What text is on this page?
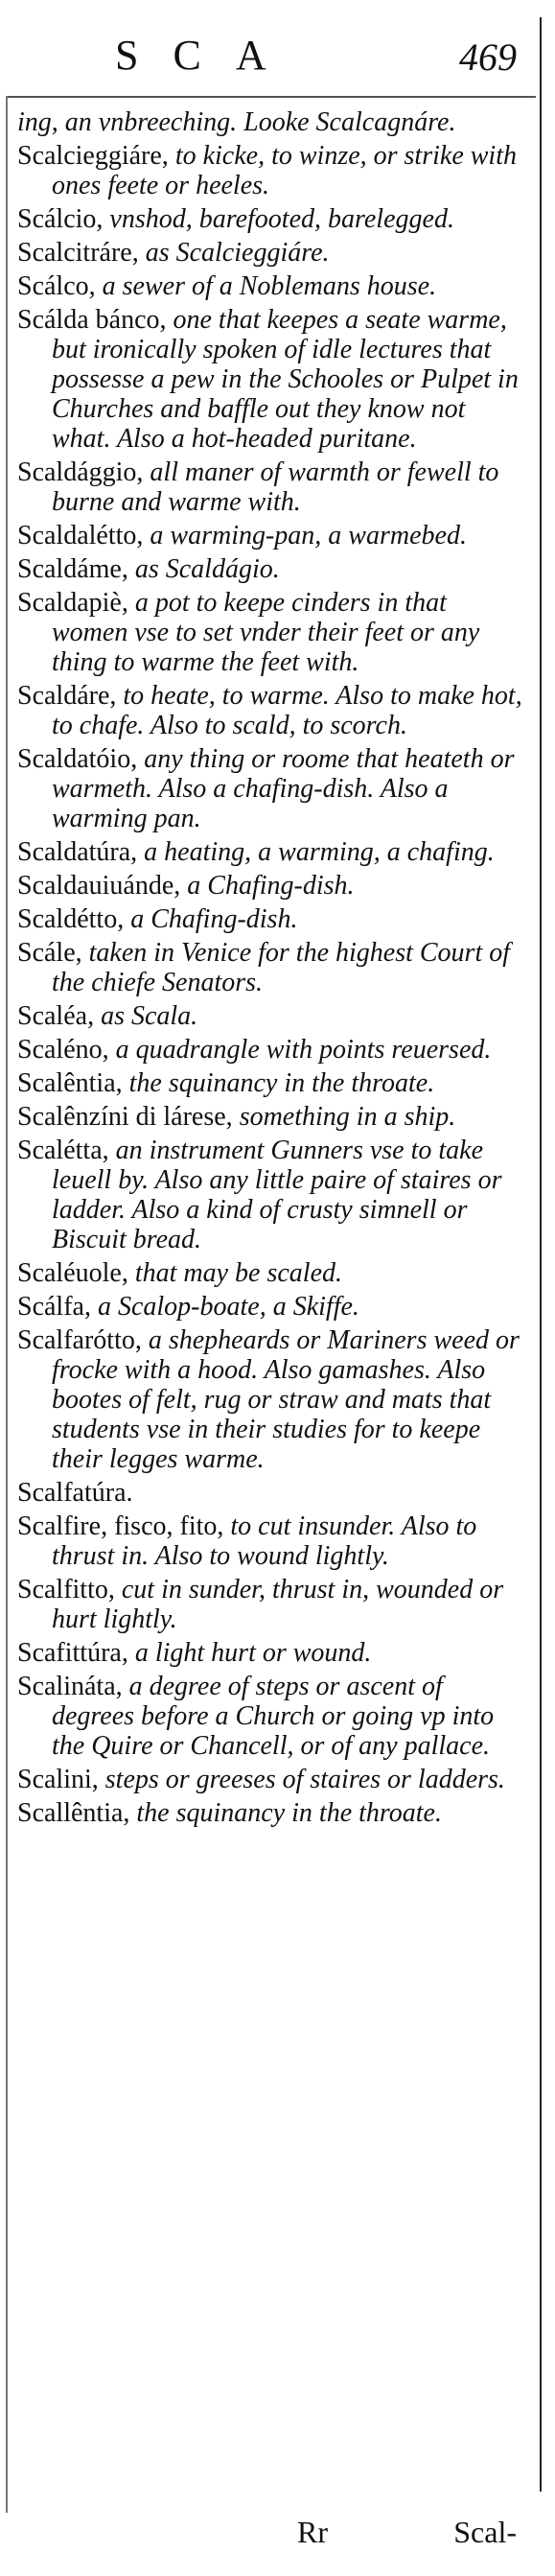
SCA	469
ing, an vnbreeching. Looke Scalcagnáre.
Scalcieggiáre, to kicke, to winze, or strike with ones feete or heeles.
Scálcio, vnshod, barefooted, barelegged.
Scalcitráre, as Scalcieggiáre.
Scálco, a sewer of a Noblemans house.
Scálda bánco, one that keepes a seate warme, but ironically spoken of idle lectures that possesse a pew in the Schooles or Pulpet in Churches and baffle out they know not what. Also a hot-headed puritane.
Scaldággio, all maner of warmth or fewell to burne and warme with.
Scaldalétto, a warming-pan, a warmebed.
Scaldáme, as Scaldágio.
Scaldapiè, a pot to keepe cinders in that women vse to set vnder their feet or any thing to warme the feet with.
Scaldáre, to heate, to warme. Also to make hot, to chafe. Also to scald, to scorch.
Scaldatóio, any thing or roome that heateth or warmeth. Also a chafing-dish. Also a warming pan.
Scaldatúra, a heating, a warming, a chafing.
Scaldauiuánde, a Chafing-dish.
Scaldétto, a Chafing-dish.
Scále, taken in Venice for the highest Court of the chiefe Senators.
Scaléa, as Scala.
Scaléno, a quadrangle with points reuersed.
Scalêntia, the squinancy in the throate.
Scalênzíni di lárese, something in a ship.
Scalétta, an instrument Gunners vse to take leuell by. Also any little paire of staires or ladder. Also a kind of crusty simnell or Biscuit bread.
Scaléuole, that may be scaled.
Scálfa, a Scalop-boate, a Skiffe.
Scalfarótto, a shepheards or Mariners weed or frocke with a hood. Also gamashes. Also bootes of felt, rug or straw and mats that students vse in their studies for to keepe their legges warme.
Scalfatúra.
Scalfire, fisco, fito, to cut insunder. Also to thrust in. Also to wound lightly.
Scalfitto, cut in sunder, thrust in, wounded or hurt lightly.
Scafittúra, a light hurt or wound.
Scalináta, a degree of steps or ascent of degrees before a Church or going vp into the Quire or Chancell, or of any pallace.
Scalini, steps or greeses of staires or ladders.
Scallêntia, the squinancy in the throate.
Rr	Scal-
